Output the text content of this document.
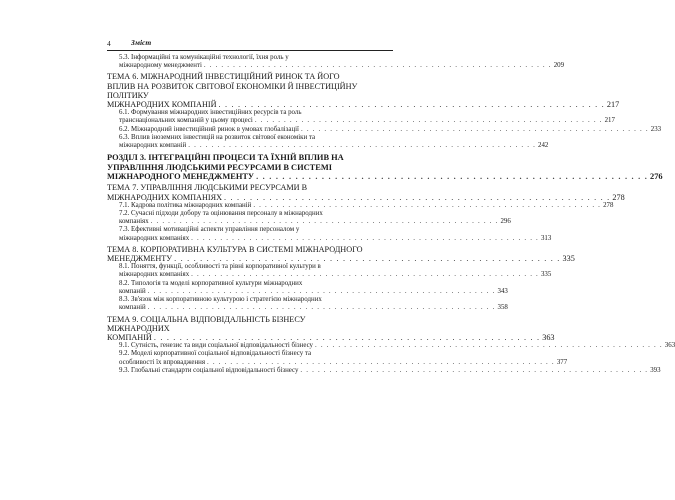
4	Зміст
5.3. Інформаційні та комунікаційні технології, їхня роль у
міжнародному менеджменті . . . . . . . . . . . . . . . . . . . . . . . . . . . . . . . . . . . . . . . . . . . . . . . . . . . . . . . . . . . . 209
ТЕМА 6. МІЖНАРОДНИЙ ІНВЕСТИЦІЙНИЙ РИНОК ТА ЙОГО ВПЛИВ НА РОЗВИТОК СВІТОВОЇ ЕКОНОМІКИ Й ІНВЕСТИЦІЙНУ ПОЛІТИКУ
МІЖНАРОДНИХ КОМПАНІЙ . . . . . . . . . . . . . . . . . . . . . . . . . . . . . . . . . . . . . . . . . . . . . . . . . . . . . . . . . . . . 217
6.1. Формування міжнародних інвестиційних ресурсів та роль
транснаціональних компаній у цьому процесі . . . . . . . . . . . . . . . . . . . . . . . . . . . . . . . . . . . . . . . . . . . . . . . . . . . . . . . . . . . . 217
6.2. Міжнародний інвестиційний ринок в умовах глобалізації . . . . . . . . . . . . . . . . . . . . . . . . . . . . . . . . . . . . . . . . . . . . . . . . . . . . . . . . . . . . 233
6.3. Вплив іноземних інвестицій на розвиток світової економіки та
міжнародних компаній . . . . . . . . . . . . . . . . . . . . . . . . . . . . . . . . . . . . . . . . . . . . . . . . . . . . . . . . . . . . 242
РОЗДІЛ 3. ІНТЕГРАЦІЙНІ ПРОЦЕСИ ТА ЇХНІЙ ВПЛИВ НА УПРАВЛІННЯ ЛЮДСЬКИМИ РЕСУРСАМИ В СИСТЕМІ
МІЖНАРОДНОГО МЕНЕДЖМЕНТУ . . . . . . . . . . . . . . . . . . . . . . . . . . . . . . . . . . . . . . . . . . . . . . . . . . . . . . . . . . . . 276
ТЕМА 7. УПРАВЛІННЯ ЛЮДСЬКИМИ РЕСУРСАМИ В
МІЖНАРОДНИХ КОМПАНІЯХ . . . . . . . . . . . . . . . . . . . . . . . . . . . . . . . . . . . . . . . . . . . . . . . . . . . . . . . . . . . . 278
7.1. Кадрова політика міжнародних компаній . . . . . . . . . . . . . . . . . . . . . . . . . . . . . . . . . . . . . . . . . . . . . . . . . . . . . . . . . . . . 278
7.2. Сучасні підходи добору та оцінювання персоналу в міжнародних
компаніях . . . . . . . . . . . . . . . . . . . . . . . . . . . . . . . . . . . . . . . . . . . . . . . . . . . . . . . . . . . . 296
7.3. Ефективні мотиваційні аспекти управління персоналом у
міжнародних компаніях . . . . . . . . . . . . . . . . . . . . . . . . . . . . . . . . . . . . . . . . . . . . . . . . . . . . . . . . . . . . 313
ТЕМА 8. КОРПОРАТИВНА КУЛЬТУРА В СИСТЕМІ МІЖНАРОДНОГО
МЕНЕДЖМЕНТУ . . . . . . . . . . . . . . . . . . . . . . . . . . . . . . . . . . . . . . . . . . . . . . . . . . . . . . . . . . . . 335
8.1. Поняття, функції, особливості та рівні корпоративної культури в
міжнародних компаніях . . . . . . . . . . . . . . . . . . . . . . . . . . . . . . . . . . . . . . . . . . . . . . . . . . . . . . . . . . . . 335
8.2. Типологія та моделі корпоративної культури міжнародних
компаній . . . . . . . . . . . . . . . . . . . . . . . . . . . . . . . . . . . . . . . . . . . . . . . . . . . . . . . . . . . . 343
8.3. Зв'язок між корпоративною культурою і стратегією міжнародних
компаній . . . . . . . . . . . . . . . . . . . . . . . . . . . . . . . . . . . . . . . . . . . . . . . . . . . . . . . . . . . . 358
ТЕМА 9. СОЦІАЛЬНА ВІДПОВІДАЛЬНІСТЬ БІЗНЕСУ МІЖНАРОДНИХ
КОМПАНІЙ . . . . . . . . . . . . . . . . . . . . . . . . . . . . . . . . . . . . . . . . . . . . . . . . . . . . . . . . . . . . 363
9.1. Сутність, генезис та види соціальної відповідальності бізнесу . . . . . . . . . . . . . . . . . . . . . . . . . . . . . . . . . . . . . . . . . . . . . . . . . . . . . . . . . . . . 363
9.2. Моделі корпоративної соціальної відповідальності бізнесу та
особливості їх впровадження . . . . . . . . . . . . . . . . . . . . . . . . . . . . . . . . . . . . . . . . . . . . . . . . . . . . . . . . . . . . 377
9.3. Глобальні стандарти соціальної відповідальності бізнесу . . . . . . . . . . . . . . . . . . . . . . . . . . . . . . . . . . . . . . . . . . . . . . . . . . . . . . . . . . . . 393
